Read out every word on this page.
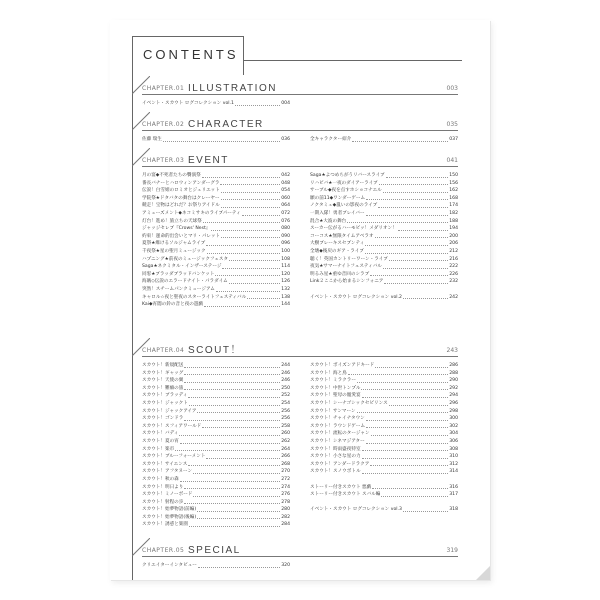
CONTENTS
CHAPTER.01 ILLUSTRATION	003
イベント・スカウト ログコレクション vol.1	004
CHAPTER.02 CHARACTER	035
佐藤 瑞生	036	全キャラクター紹介	037
CHAPTER.03 EVENT	041
月の宴◆不死者たちの饗演祭	042
番長バナーとハロウィンアンダーグラ	048
伝説！白雪姫のロミオとジュリエット	054
学院祭★ドタバタの舞台はクレーヤー	060
競走！宝物はどれだ？お祭りアイドル	064
アミューズメント◆ネコミサキのライブパーティ	072
灯台！進め！旅立ちの天球祭	076
ジャッジセレブ『Crows' Nest』	080
約束！運命的出会いとマリ・パレット	090
夏祭★爆けるソルジャムライブ	096
千夜祭★星の聖月ミュージック	100
ハプニング★前夜のミュージックフェスタ	108
Saga★ネクミタル・インザーステージ	114
同窓★ブラッダブラッドバンケット	120
海賊◇伝説のエラードナイト・パラダイム	126
突然！スチームパンクミュージアム	132
キャロル☆夜と聖夜のスターライトフェスティバル	138
Kai◆宵闇の鈴の音と夜の遊戯	144
Saga★よつめちがうリバースライブ	150
リハビバ★一夜のダイアーライブ	156
サーブル◆夜を点すホショコナエル	162
願の前11◆ワンダーゲーム	168
ノクタミュ◆嵐いの影夜のライブ	174
一期入隊！勇者ブレイバー	182
混合★大波の舞台	188
スーカー伝がるハーモビッ！メダリオン！	194
コーコス★無限タイムアベラオ	200
大樹ブレーキスセブンティ	206
全壊◆後戻のギア・ライブ	212
聴く！英国カントリーワーン・ライブ	216
夜気★サマーナイトフェスティバル	222
明るみ星★重ゆ音回のシラブ	226
Link２ここから始まるシンフォニア	232
イベント・スカウト ログコレクション vol.2	242
CHAPTER.04 SCOUT！	243
スカウト！新規配送	244
スカウト！ギャッグ	246
スカウト！天使の翼	246
スカウト！難癖の旅	250
スカウト！ブラッディ	252
スカウト！ジャックト	254
スカウト！ジャックアイア	256
スカウト！ゴンドラ	256
スカウト！スフィアワールド	258
スカウト！バディ	260
スカウト！夏の宵	262
スカウト！楽市	264
スカウト！ブルーフォーメント	266
スカウト！サイエンス	268
スカウト！アフタヌーン	270
スカウト！秋の森	272
スカウト！明日より	274
スカウト！ミノーボード	276
スカウト！射程の歩	278
スカウト！始夢物語(前編)	280
スカウト！始夢物語(後編)	282
スカウト！誘惑と楽園	284
スカウト！ボイズンアドキード	286
スカウト！海と鳥	288
スカウト！ミラクラー	290
スカウト！中世トンプル	292
スカウト！聖母の寵愛宴	294
スカウト！シーナゴシックセビリンス	296
スカウト！サンマーン	298
スカウト！チャイナタウン	300
スカウト！ラウンドゲーム	302
スカウト！流転のタージャン	304
スカウト！シネマジアター	306
スカウト！時雨盛夜特室	308
スカウト！小さな星の力	310
スカウト！アンダードラクア	312
スカウト！スノウボトル	314
ストーリー付きスカウト 悪戯	316
ストーリー付きスカウト スバル編	317
イベント・スカウト ログコレクション vol.3	318
CHAPTER.05 SPECIAL	319
クリエイターインタビュー	320
